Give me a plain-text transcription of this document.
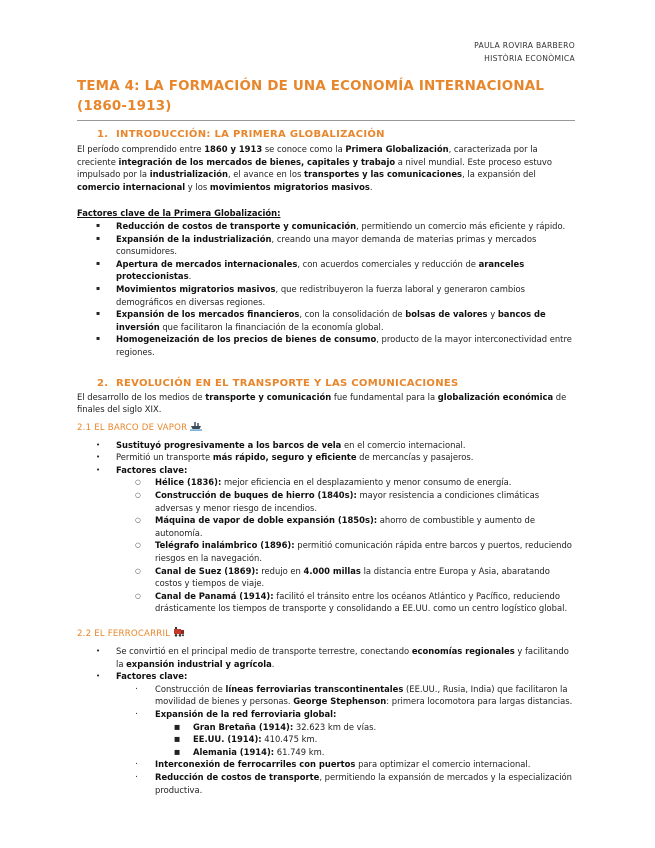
PAULA ROVIRA BARBERO
HISTÒRIA ECONÒMICA
TEMA 4: LA FORMACIÓN DE UNA ECONOMÍA INTERNACIONAL
(1860-1913)
1. INTRODUCCIÓN: LA PRIMERA GLOBALIZACIÓN

El período comprendido entre 1860 y 1913 se conoce como la Primera Globalización, caracterizada por la creciente integración de los mercados de bienes, capitales y trabajo a nivel mundial. Este proceso estuvo impulsado por la industrialización, el avance en los transportes y las comunicaciones, la expansión del comercio internacional y los movimientos migratorios masivos.

Factores clave de la Primera Globalización:

▪ Reducción de costos de transporte y comunicación, permitiendo un comercio más eficiente y rápido.
▪ Expansión de la industrialización, creando una mayor demanda de materias primas y mercados consumidores.
▪ Apertura de mercados internacionales, con acuerdos comerciales y reducción de aranceles proteccionistas.
▪ Movimientos migratorios masivos, que redistribuyeron la fuerza laboral y generaron cambios demográficos en diversas regiones.
▪ Expansión de los mercados financieros, con la consolidación de bolsas de valores y bancos de inversión que facilitaron la financiación de la economía global.
▪ Homogeneización de los precios de bienes de consumo, producto de la mayor interconectividad entre regiones.
2. REVOLUCIÓN EN EL TRANSPORTE Y LAS COMUNICACIONES

El desarrollo de los medios de transporte y comunicación fue fundamental para la globalización económica de finales del siglo XIX.

2.1 EL BARCO DE VAPOR
• Sustituyó progresivamente a los barcos de vela en el comercio internacional.
• Permitió un transporte más rápido, seguro y eficiente de mercancías y pasajeros.
• Factores clave:
○ Hélice (1836): mejor eficiencia en el desplazamiento y menor consumo de energía.
○ Construcción de buques de hierro (1840s): mayor resistencia a condiciones climáticas adversas y menor riesgo de incendios.
○ Máquina de vapor de doble expansión (1850s): ahorro de combustible y aumento de autonomía.
○ Telégrafo inalámbrico (1896): permitió comunicación rápida entre barcos y puertos, reduciendo riesgos en la navegación.
○ Canal de Suez (1869): redujo en 4.000 millas la distancia entre Europa y Asia, abaratando costos y tiempos de viaje.
○ Canal de Panamá (1914): facilitó el tránsito entre los océanos Atlántico y Pacífico, reduciendo drásticamente los tiempos de transporte y consolidando a EE.UU. como un centro logístico global.
2.2 EL FERROCARRIL
• Se convirtió en el principal medio de transporte terrestre, conectando economías regionales y facilitando la expansión industrial y agrícola.
• Factores clave:
. Construcción de líneas ferroviarias transcontinentales (EE.UU., Rusia, India) que facilitaron la movilidad de bienes y personas. George Stephenson: primera locomotora para largas distancias.
. Expansión de la red ferroviaria global:
■ Gran Bretaña (1914): 32.623 km de vías.
■ EE.UU. (1914): 410.475 km.
■ Alemania (1914): 61.749 km.
. Interconexión de ferrocarriles con puertos para optimizar el comercio internacional.
. Reducción de costos de transporte, permitiendo la expansión de mercados y la especialización productiva.
